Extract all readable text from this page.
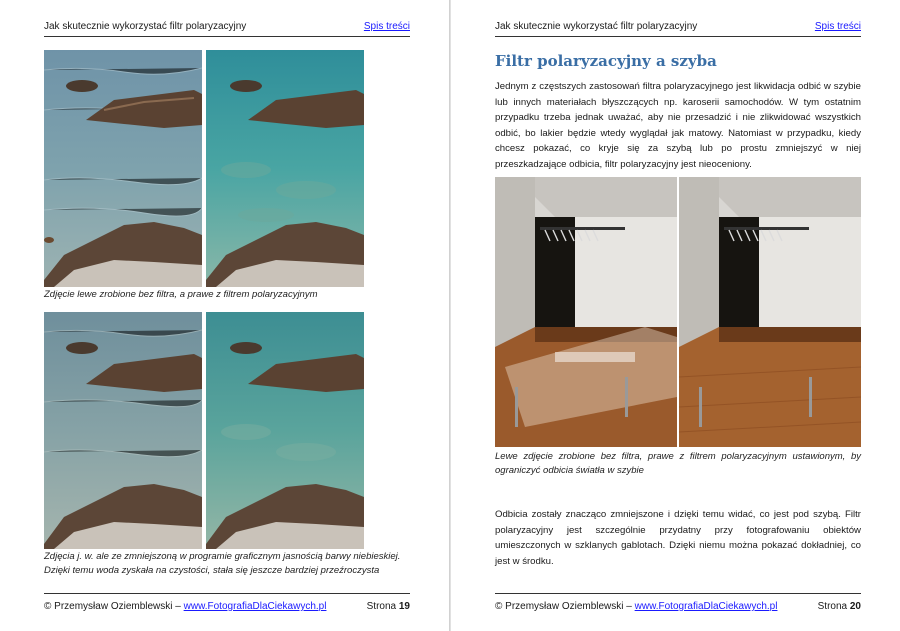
Jak skutecznie wykorzystać filtr polaryzacyjny	Spis treści
Zdjęcie lewe zrobione bez filtra, a prawe z filtrem polaryzacyjnym
Zdjęcia j. w. ale ze zmniejszoną w programie graficznym jasnością barwy niebieskiej. Dzięki temu woda zyskała na czystości, stała się jeszcze bardziej przeźroczysta
© Przemysław Oziemblewski – www.FotografiaDlaCiekawych.pl	Strona 19
Jak skutecznie wykorzystać filtr polaryzacyjny	Spis treści
Filtr polaryzacyjny a szyba
Jednym z częstszych zastosowań filtra polaryzacyjnego jest likwidacja odbić w szybie lub innych materiałach błyszczących np. karoserii samochodów. W tym ostatnim przypadku trzeba jednak uważać, aby nie przesadzić i nie zlikwidować wszystkich odbić, bo lakier będzie wtedy wyglądał jak matowy. Natomiast w przypadku, kiedy chcesz pokazać, co kryje się za szybą lub po prostu zmniejszyć w niej przeszkadzające odbicia, filtr polaryzacyjny jest nieoceniony.
Lewe zdjęcie zrobione bez filtra, prawe z filtrem polaryzacyjnym ustawionym, by ograniczyć odbicia światła w szybie
Odbicia zostały znacząco zmniejszone i dzięki temu widać, co jest pod szybą. Filtr polaryzacyjny jest szczególnie przydatny przy fotografowaniu obiektów umieszczonych w szklanych gablotach. Dzięki niemu można pokazać dokładniej, co jest w środku.
© Przemysław Oziemblewski – www.FotografiaDlaCiekawych.pl	Strona 20
